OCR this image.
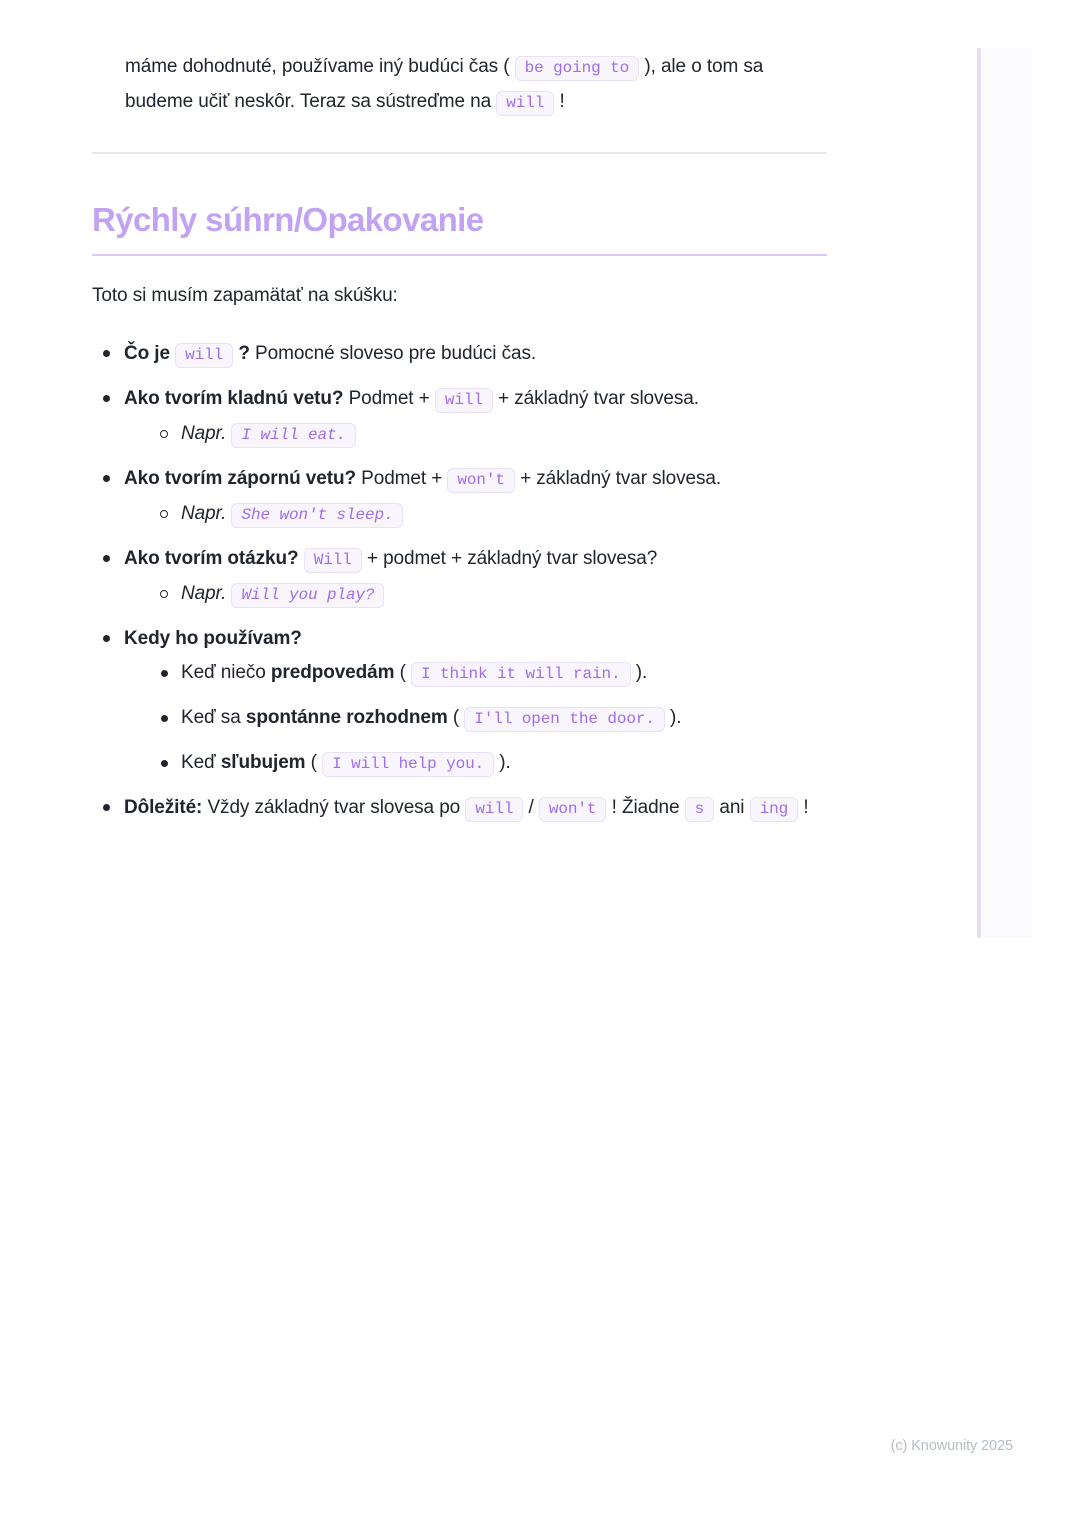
máme dohodnuté, používame iný budúci čas ( be going to ), ale o tom sa budeme učiť neskôr. Teraz sa sústreďme na will !

Rýchly súhrn/Opakovanie

Toto si musím zapamätať na skúšku:

Čo je will ? Pomocné sloveso pre budúci čas.
Ako tvorím kladnú vetu? Podmet + will + základný tvar slovesa.
Napr. I will eat.
Ako tvorím zápornú vetu? Podmet + won't + základný tvar slovesa.
Napr. She won't sleep.
Ako tvorím otázku? Will + podmet + základný tvar slovesa?
Napr. Will you play?
Kedy ho používam?
Keď niečo predpovedám ( I think it will rain. ).
Keď sa spontánne rozhodnem ( I'll open the door. ).
Keď sľubujem ( I will help you. ).
Dôležité: Vždy základný tvar slovesa po will / won't ! Žiadne s ani ing !
(c) Knowunity 2025
